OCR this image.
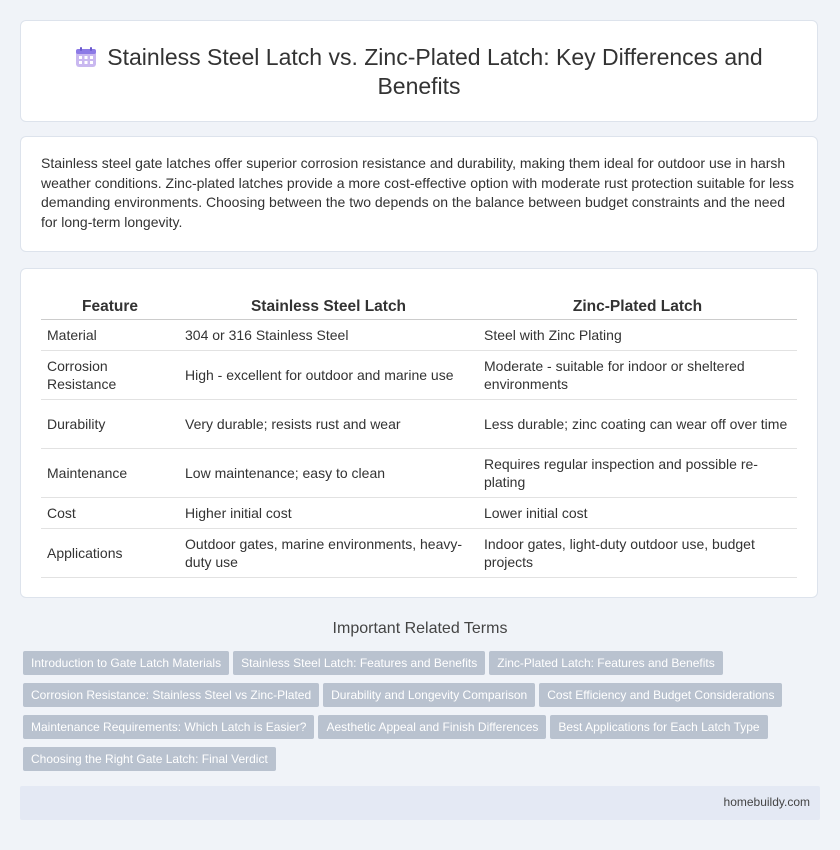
Stainless Steel Latch vs. Zinc-Plated Latch: Key Differences and Benefits

Stainless steel gate latches offer superior corrosion resistance and durability, making them ideal for outdoor use in harsh weather conditions. Zinc-plated latches provide a more cost-effective option with moderate rust protection suitable for less demanding environments. Choosing between the two depends on the balance between budget constraints and the need for long-term longevity.

Feature	Stainless Steel Latch	Zinc-Plated Latch
Material	304 or 316 Stainless Steel	Steel with Zinc Plating
Corrosion Resistance	High - excellent for outdoor and marine use	Moderate - suitable for indoor or sheltered environments
Durability	Very durable; resists rust and wear	Less durable; zinc coating can wear off over time
Maintenance	Low maintenance; easy to clean	Requires regular inspection and possible re-plating
Cost	Higher initial cost	Lower initial cost
Applications	Outdoor gates, marine environments, heavy-duty use	Indoor gates, light-duty outdoor use, budget projects
Important Related Terms
Introduction to Gate Latch Materials Stainless Steel Latch: Features and Benefits Zinc-Plated Latch: Features and Benefits
Corrosion Resistance: Stainless Steel vs Zinc-Plated Durability and Longevity Comparison Cost Efficiency and Budget Considerations
Maintenance Requirements: Which Latch is Easier? Aesthetic Appeal and Finish Differences Best Applications for Each Latch Type
Choosing the Right Gate Latch: Final Verdict
homebuildy.com
